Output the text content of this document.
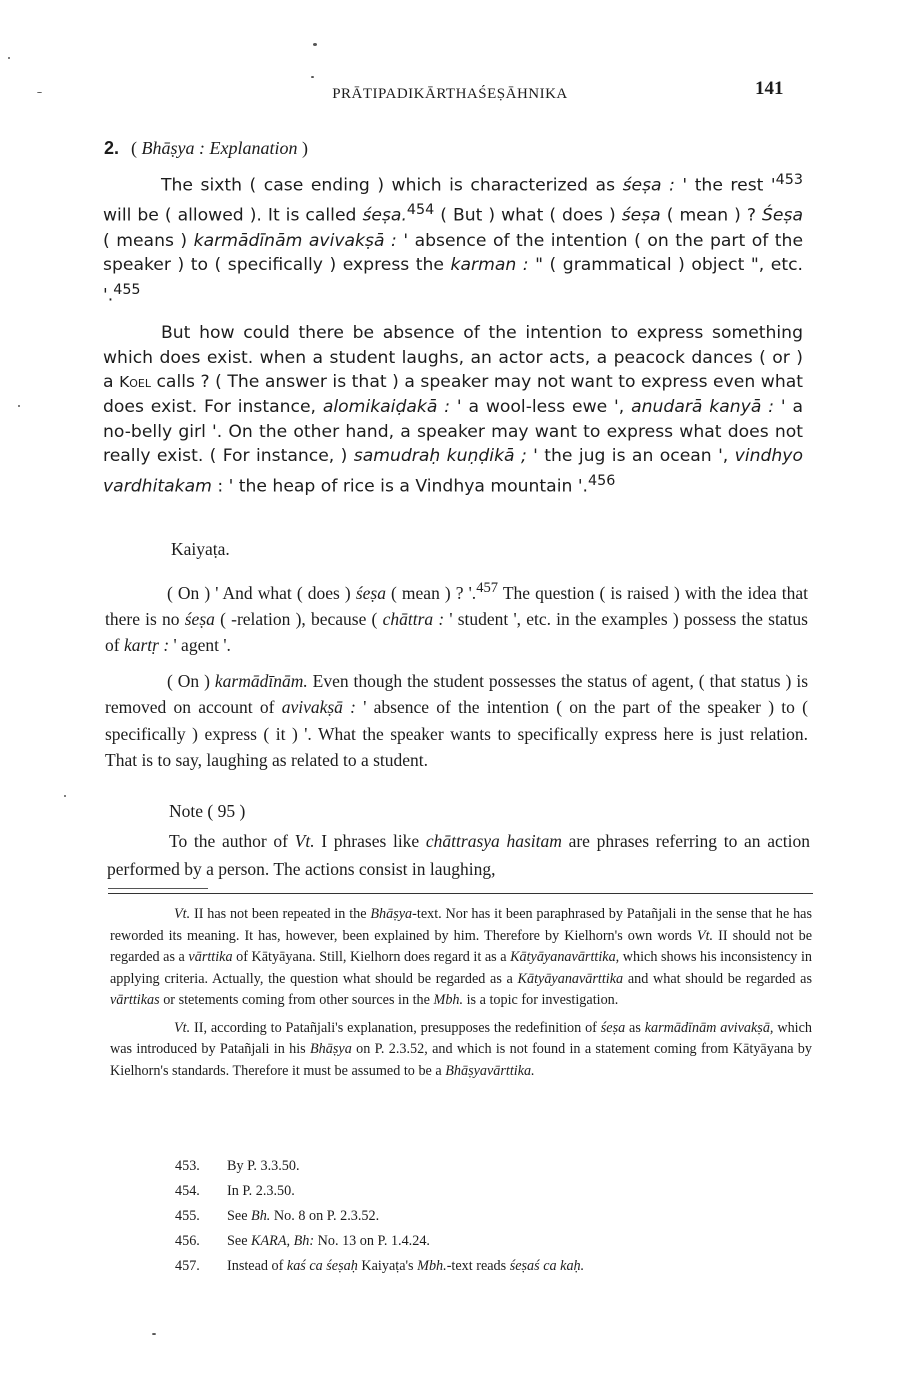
PRĀTIPADIKĀRTHAŚEṢĀHNIKA	141
2. ( Bhāṣya : Explanation )

The sixth ( case ending ) which is characterized as śeṣa : ' the rest '$^{453}$ will be ( allowed ). It is called śeṣa.$^{454}$ ( But ) what ( does ) śeṣa ( mean ) ? Śeṣa ( means ) karmādīnām avivakṣā : ' absence of the intention ( on the part of the speaker ) to ( specifically ) express the karman : " ( grammatical ) object ", etc. '.$^{455}$

But how could there be absence of the intention to express something which does exist. when a student laughs, an actor acts, a peacock dances ( or ) a Koel calls ? ( The answer is that ) a speaker may not want to express even what does exist. For instance, alomikaiḍakā : ' a wool-less ewe ', anudarā kanyā : ' a no-belly girl '. On the other hand, a speaker may want to express what does not really exist. ( For instance, ) samudraḥ kuṇḍikā ; ' the jug is an ocean ', vindhyo vardhitakam : ' the heap of rice is a Vindhya mountain '.$^{456}$

Kaiyaṭa.

( On ) ' And what ( does ) śeṣa ( mean ) ? '.$^{457}$ The question ( is raised ) with the idea that there is no śeṣa ( -relation ), because ( chāttra : ' student ', etc. in the examples ) possess the status of kartṛ : ' agent '.

( On ) karmādīnām. Even though the student possesses the status of agent, ( that status ) is removed on account of avivakṣā : ' absence of the intention ( on the part of the speaker ) to ( specifically ) express ( it ) '. What the speaker wants to specifically express here is just relation. That is to say, laughing as related to a student.

Note ( 95 )

To the author of Vt. I phrases like chāttrasya hasitam are phrases referring to an action performed by a person. The actions consist in laughing,

Vt. II has not been repeated in the Bhāṣya-text. Nor has it been paraphrased by Patañjali in the sense that he has reworded its meaning. It has, however, been explained by him. Therefore by Kielhorn's own words Vt. II should not be regarded as a vārttika of Kātyāyana. Still, Kielhorn does regard it as a Kātyāyanavārttika, which shows his inconsistency in applying criteria. Actually, the question what should be regarded as a Kātyāyanavārttika and what should be regarded as vārttikas or stetements coming from other sources in the Mbh. is a topic for investigation.

Vt. II, according to Patañjali's explanation, presupposes the redefinition of śeṣa as karmādīnām avivakṣā, which was introduced by Patañjali in his Bhāṣya on P. 2.3.52, and which is not found in a statement coming from Kātyāyana by Kielhorn's standards. Therefore it must be assumed to be a Bhāṣyavārttika.

453.	By P. 3.3.50.
454.	In P. 2.3.50.
455.	See Bh. No. 8 on P. 2.3.52.
456.	See KARA, Bh: No. 13 on P. 1.4.24.
457.	Instead of kaś ca śeṣaḥ Kaiyaṭa's Mbh.-text reads śeṣaś ca kaḥ.
